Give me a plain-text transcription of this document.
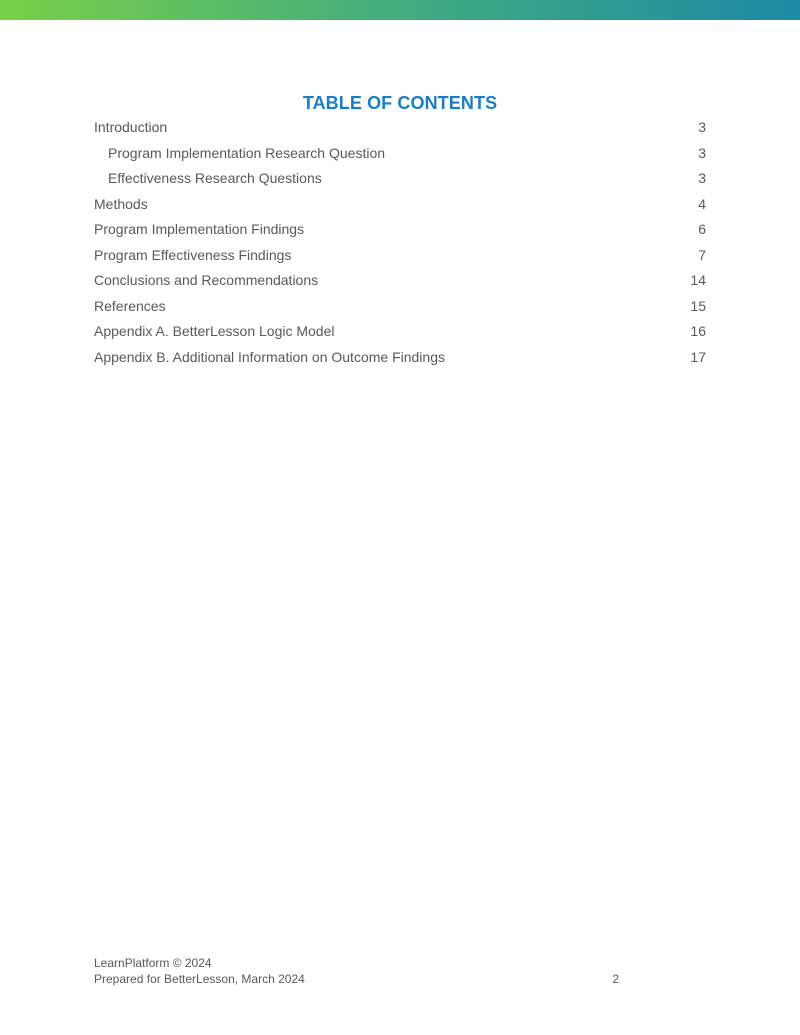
TABLE OF CONTENTS
Introduction	3
Program Implementation Research Question	3
Effectiveness Research Questions	3
Methods	4
Program Implementation Findings	6
Program Effectiveness Findings	7
Conclusions and Recommendations	14
References	15
Appendix A. BetterLesson Logic Model	16
Appendix B. Additional Information on Outcome Findings	17
LearnPlatform © 2024
Prepared for BetterLesson, March 2024	2
